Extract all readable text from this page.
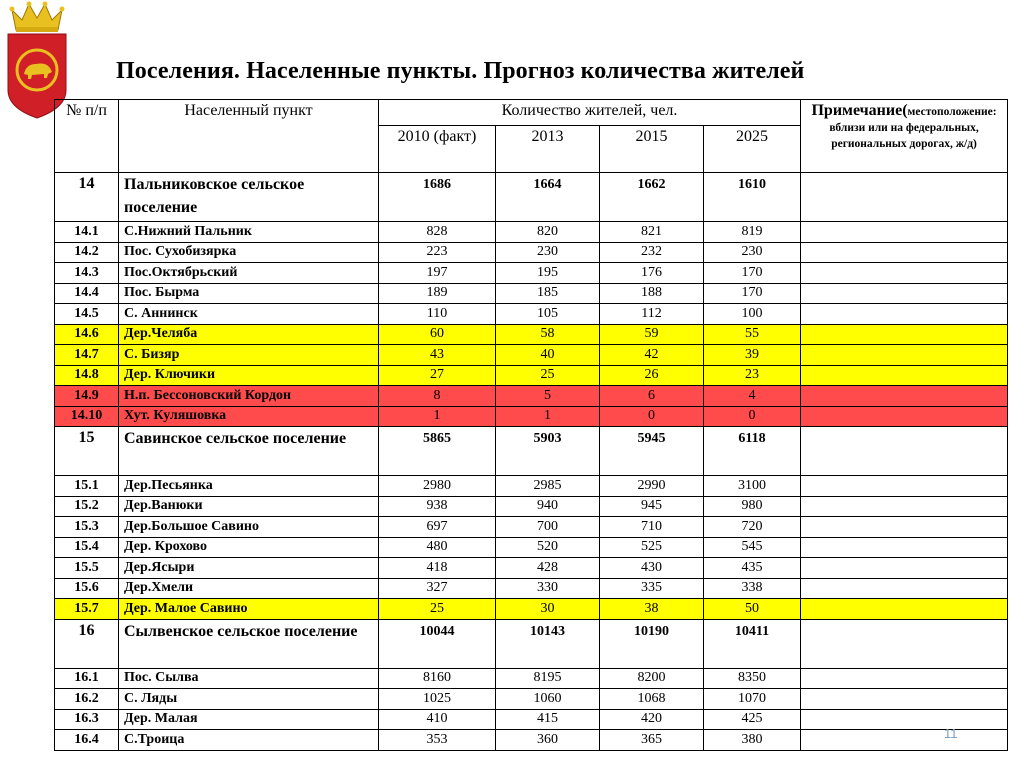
Поселения. Населенные пункты. Прогноз количества жителей
№ п/п	Населенный пункт	Количество жителей, чел.				Примечание(местоположение: вблизи или на федеральных, региональных дорогах, ж/д)
		2010 (факт)	2013	2015	2025	
14	Пальниковское сельское поселение	1686	1664	1662	1610	
14.1	С.Нижний Пальник	828	820	821	819	
14.2	Пос. Сухобизярка	223	230	232	230	
14.3	Пос.Октябрьский	197	195	176	170	
14.4	Пос. Бырма	189	185	188	170	
14.5	С. Аннинск	110	105	112	100	
14.6	Дер.Челяба	60	58	59	55	
14.7	С. Бизяр	43	40	42	39	
14.8	Дер. Ключики	27	25	26	23	
14.9	Н.п. Бессоновский Кордон	8	5	6	4	
14.10	Хут. Куляшовка	1	1	0	0	
15	Савинское сельское поселение	5865	5903	5945	6118	
15.1	Дер.Песьянка	2980	2985	2990	3100	
15.2	Дер.Ванюки	938	940	945	980	
15.3	Дер.Большое Савино	697	700	710	720	
15.4	Дер. Крохово	480	520	525	545	
15.5	Дер.Ясыри	418	428	430	435	
15.6	Дер.Хмели	327	330	335	338	
15.7	Дер. Малое Савино	25	30	38	50	
16	Сылвенское сельское поселение	10044	10143	10190	10411	
16.1	Пос. Сылва	8160	8195	8200	8350	
16.2	С. Ляды	1025	1060	1068	1070	
16.3	Дер. Малая	410	415	420	425	
16.4	С.Троица	353	360	365	380		11
